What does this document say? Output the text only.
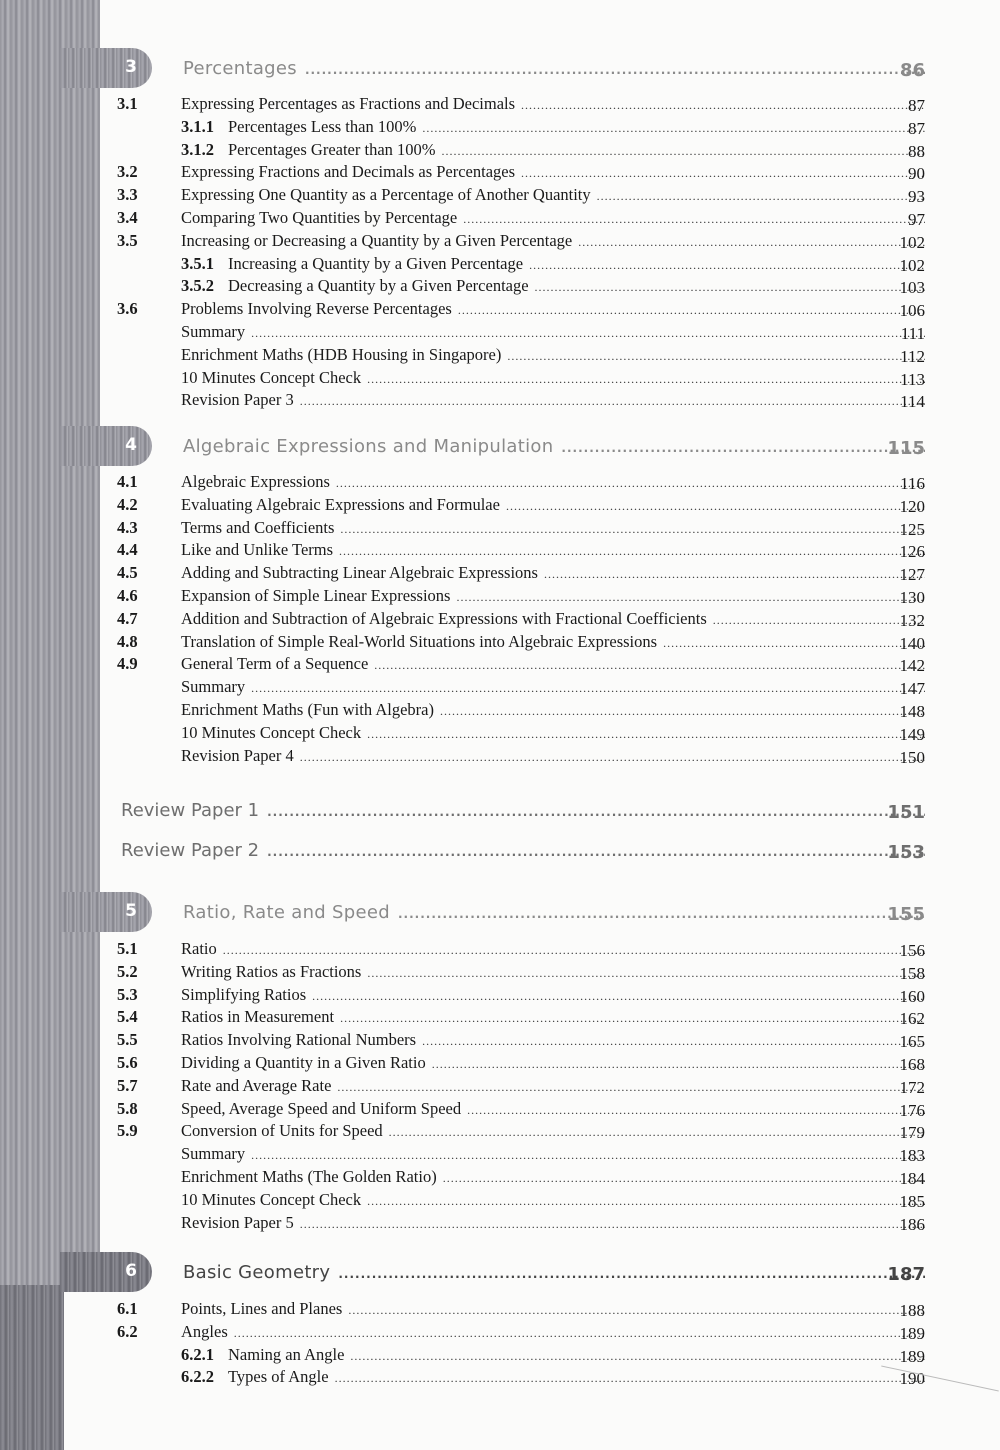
3	Percentages .....	86
3.1	Expressing Percentages as Fractions and Decimals .....	87
3.1.1 Percentages Less than 100% .....	87
3.1.2 Percentages Greater than 100% .....	88
3.2	Expressing Fractions and Decimals as Percentages .....	90
3.3	Expressing One Quantity as a Percentage of Another Quantity .....	93
3.4	Comparing Two Quantities by Percentage .....	97
3.5	Increasing or Decreasing a Quantity by a Given Percentage .....	102
3.5.1 Increasing a Quantity by a Given Percentage .....	102
3.5.2 Decreasing a Quantity by a Given Percentage .....	103
3.6	Problems Involving Reverse Percentages .....	106
Summary .....	111
Enrichment Maths (HDB Housing in Singapore) .....	112
10 Minutes Concept Check .....	113
Revision Paper 3 .....	114
4	Algebraic Expressions and Manipulation .....	115
4.1	Algebraic Expressions .....	116
4.2	Evaluating Algebraic Expressions and Formulae .....	120
4.3	Terms and Coefficients .....	125
4.4	Like and Unlike Terms .....	126
4.5	Adding and Subtracting Linear Algebraic Expressions .....	127
4.6	Expansion of Simple Linear Expressions .....	130
4.7	Addition and Subtraction of Algebraic Expressions with Fractional Coefficients .....	132
4.8	Translation of Simple Real-World Situations into Algebraic Expressions .....	140
4.9	General Term of a Sequence .....	142
Summary .....	147
Enrichment Maths (Fun with Algebra) .....	148
10 Minutes Concept Check .....	149
Revision Paper 4 .....	150
Review Paper 1 .....	151
Review Paper 2 .....	153
5	Ratio, Rate and Speed .....	155
5.1	Ratio .....	156
5.2	Writing Ratios as Fractions .....	158
5.3	Simplifying Ratios .....	160
5.4	Ratios in Measurement .....	162
5.5	Ratios Involving Rational Numbers .....	165
5.6	Dividing a Quantity in a Given Ratio .....	168
5.7	Rate and Average Rate .....	172
5.8	Speed, Average Speed and Uniform Speed .....	176
5.9	Conversion of Units for Speed .....	179
Summary .....	183
Enrichment Maths (The Golden Ratio) .....	184
10 Minutes Concept Check .....	185
Revision Paper 5 .....	186
6	Basic Geometry .....	187
6.1	Points, Lines and Planes .....	188
6.2	Angles .....	189
6.2.1 Naming an Angle .....	189
6.2.2 Types of Angle .....	190
